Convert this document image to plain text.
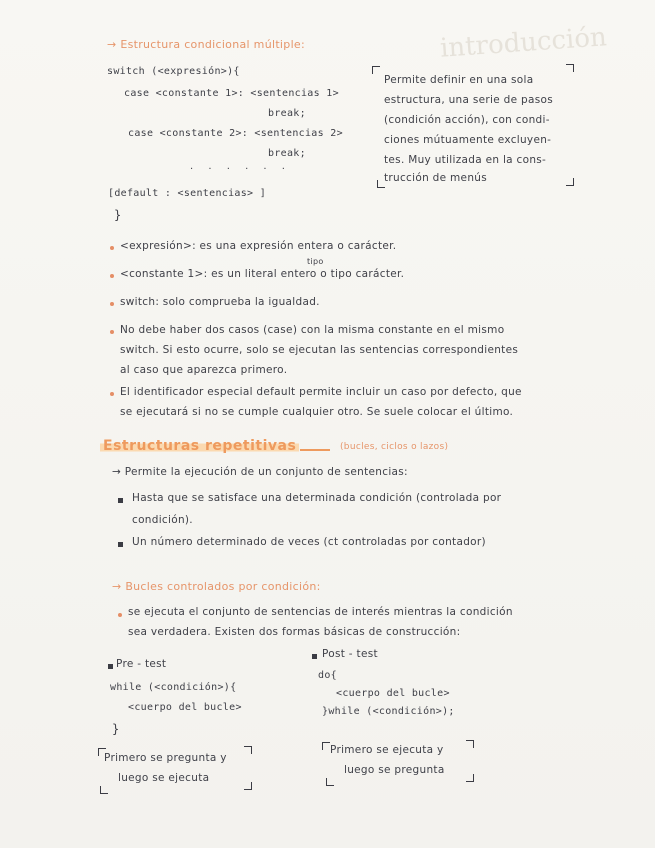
introducción
→ Estructura condicional múltiple:
switch (<expresión>){
case <constante 1>: <sentencias 1>
break;
case <constante 2>: <sentencias 2>
break;
· · · · · ·
[default : <sentencias> ]
}
Permite definir en una sola
estructura, una serie de pasos
(condición acción), con condi-
ciones mútuamente excluyen-
tes. Muy utilizada en la cons-
trucción de menús
<expresión>: es una expresión entera o carácter.
tipo
<constante 1>: es un literal entero o tipo carácter.
switch: solo comprueba la igualdad.
No debe haber dos casos (case) con la misma constante en el mismo
switch. Si esto ocurre, solo se ejecutan las sentencias correspondientes
al caso que aparezca primero.
El identificador especial default permite incluir un caso por defecto, que
se ejecutará si no se cumple cualquier otro. Se suele colocar el último.
Estructuras repetitivas	(bucles, ciclos o lazos)
→ Permite la ejecución de un conjunto de sentencias:
Hasta que se satisface una determinada condición (controlada por
condición).
Un número determinado de veces (ct controladas por contador)
→ Bucles controlados por condición:
se ejecuta el conjunto de sentencias de interés mientras la condición
sea verdadera. Existen dos formas básicas de construcción:
Pre - test
while (<condición>){
<cuerpo del bucle>
}
Primero se pregunta y
luego se ejecuta
Post - test
do{
<cuerpo del bucle>
}while (<condición>);
Primero se ejecuta y
luego se pregunta
